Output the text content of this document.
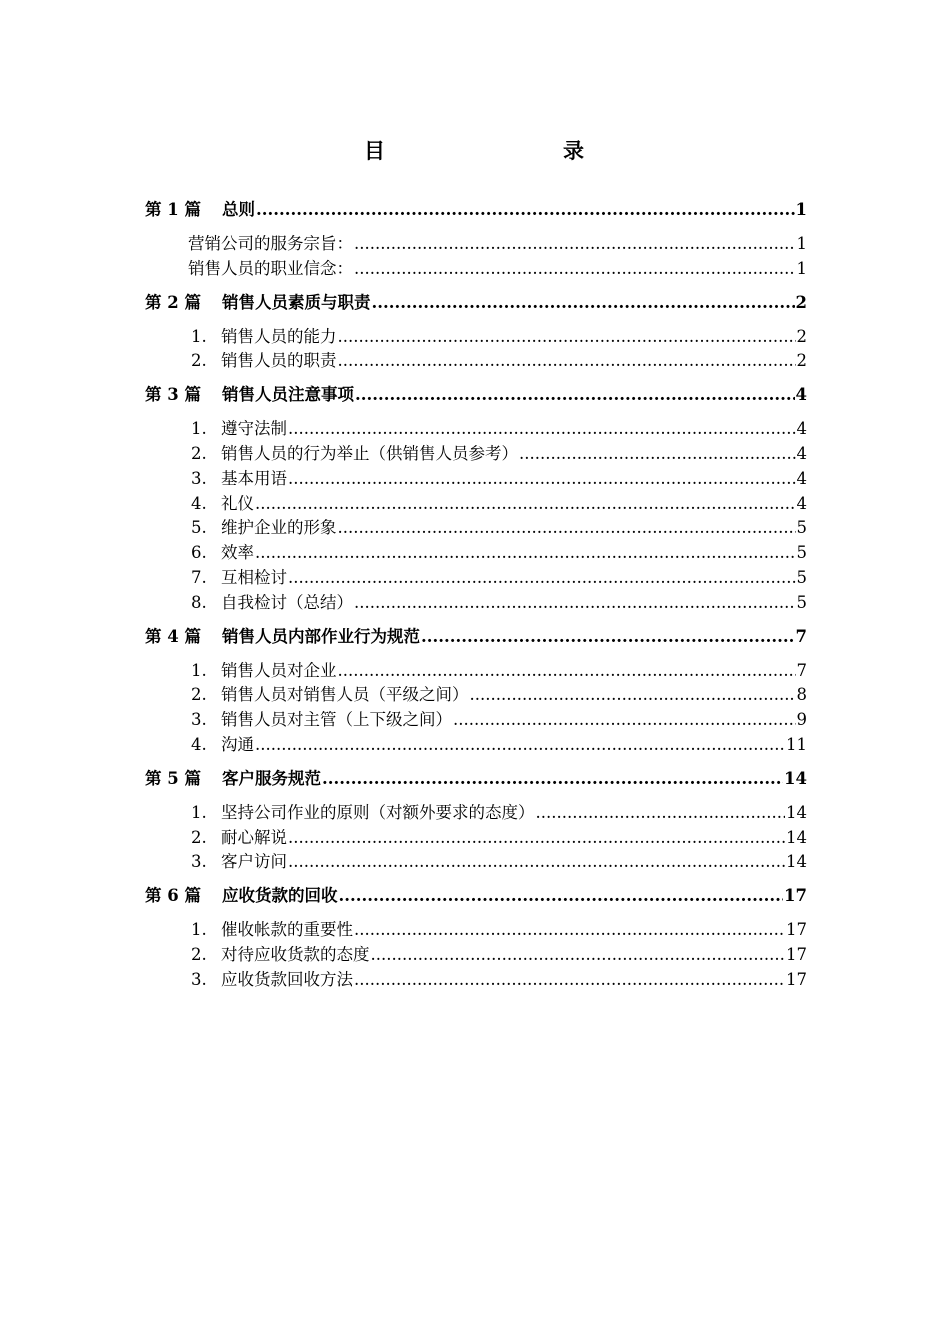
目	录
第 1 篇	总则 .....	1
营销公司的服务宗旨： .....	1
销售人员的职业信念： .....	1
第 2 篇	销售人员素质与职责 .....	2
1. 销售人员的能力 .....	2
2. 销售人员的职责 .....	2
第 3 篇	销售人员注意事项 .....	4
1. 遵守法制 .....	4
2. 销售人员的行为举止（供销售人员参考） .....	4
3. 基本用语 .....	4
4. 礼仪 .....	4
5. 维护企业的形象 .....	5
6. 效率 .....	5
7. 互相检讨 .....	5
8. 自我检讨（总结） .....	5
第 4 篇	销售人员内部作业行为规范 .....	7
1. 销售人员对企业 .....	7
2. 销售人员对销售人员（平级之间） .....	8
3. 销售人员对主管（上下级之间） .....	9
4. 沟通 .....	11
第 5 篇	客户服务规范 .....	14
1. 坚持公司作业的原则（对额外要求的态度） .....	14
2. 耐心解说 .....	14
3. 客户访问 .....	14
第 6 篇	应收货款的回收 .....	17
1. 催收帐款的重要性 .....	17
2. 对待应收货款的态度 .....	17
3. 应收货款回收方法 .....	17
